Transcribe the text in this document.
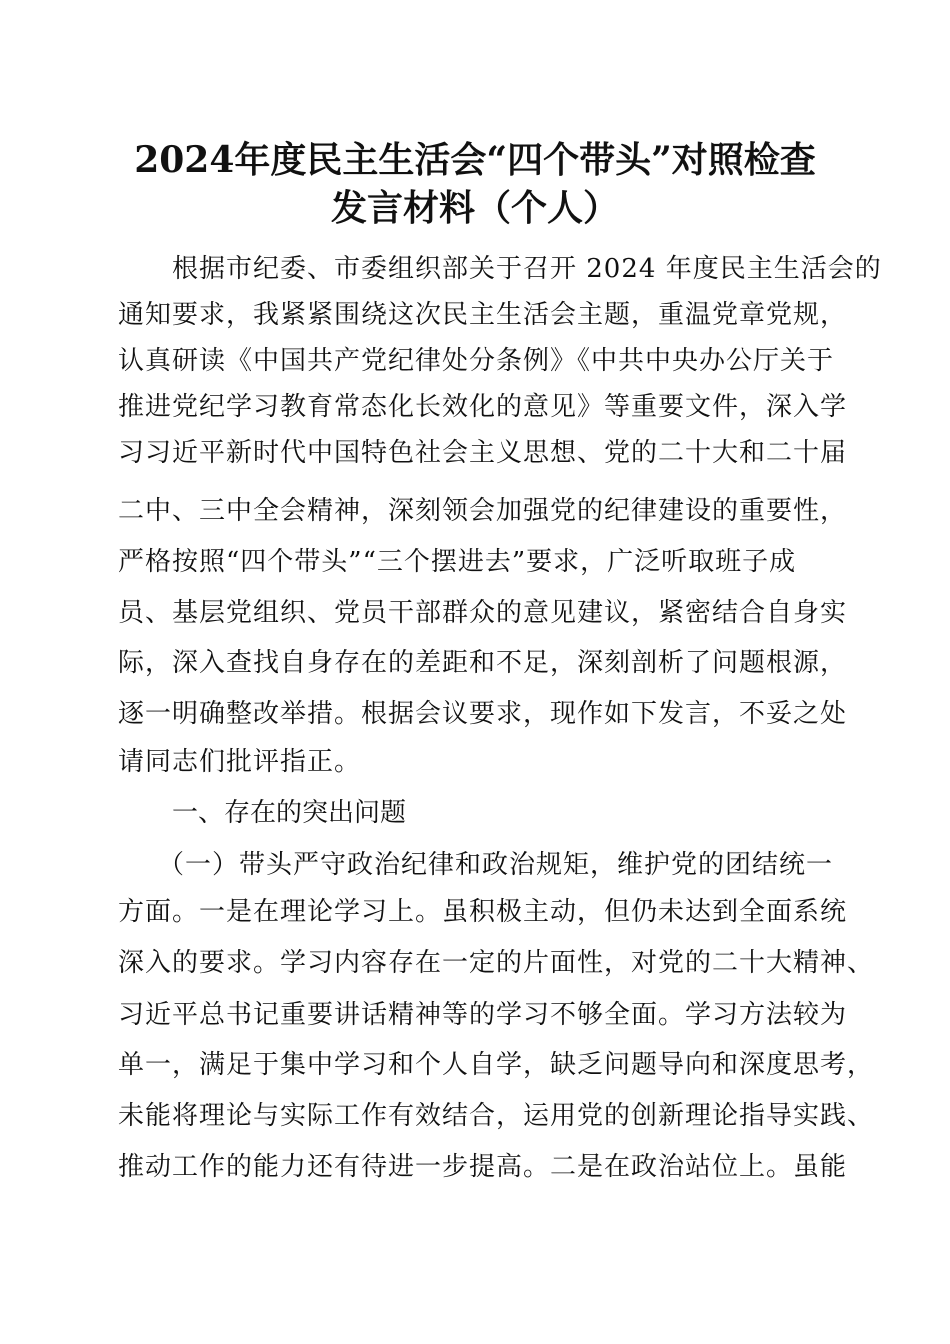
2024年度民主生活会“四个带头”对照检查
发言材料（个人）
根据市纪委、市委组织部关于召开 2024 年度民主生活会的
通知要求，我紧紧围绕这次民主生活会主题，重温党章党规，
认真研读《中国共产党纪律处分条例》《中共中央办公厅关于
推进党纪学习教育常态化长效化的意见》等重要文件，深入学
习习近平新时代中国特色社会主义思想、党的二十大和二十届
二中、三中全会精神，深刻领会加强党的纪律建设的重要性，
严格按照“四个带头”“三个摆进去”要求，广泛听取班子成
员、基层党组织、党员干部群众的意见建议，紧密结合自身实
际，深入查找自身存在的差距和不足，深刻剖析了问题根源，
逐一明确整改举措。根据会议要求，现作如下发言，不妥之处
请同志们批评指正。
一、存在的突出问题
（一）带头严守政治纪律和政治规矩，维护党的团结统一
方面。一是在理论学习上。虽积极主动，但仍未达到全面系统
深入的要求。学习内容存在一定的片面性，对党的二十大精神、
习近平总书记重要讲话精神等的学习不够全面。学习方法较为
单一，满足于集中学习和个人自学，缺乏问题导向和深度思考，
未能将理论与实际工作有效结合，运用党的创新理论指导实践、
推动工作的能力还有待进一步提高。二是在政治站位上。虽能
